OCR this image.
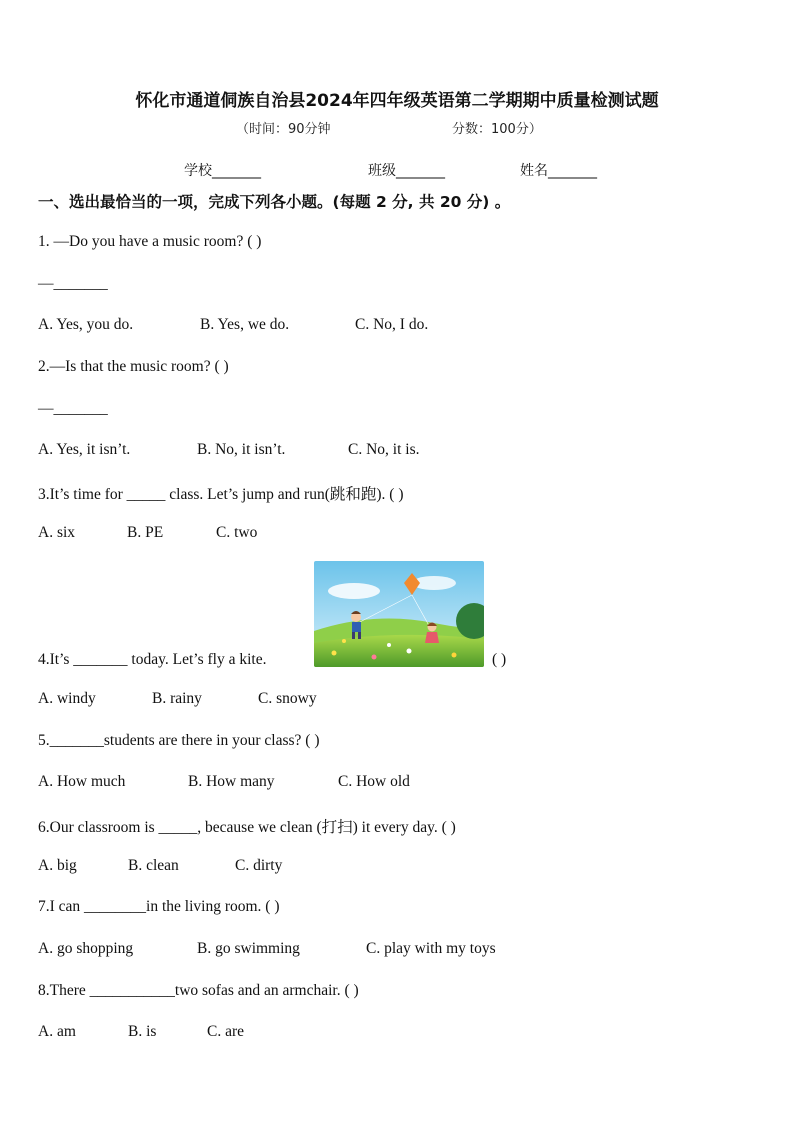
怀化市通道侗族自治县2024年四年级英语第二学期期中质量检测试题
（时间：90分钟	分数：100分）
学校_______	班级_______	姓名_______
一、选出最恰当的一项，完成下列各小题。(每题 2 分, 共 20 分) 。
1. —Do you have a music room? ( )
—_______
A. Yes, you do.	B. Yes, we do.	C. No, I do.
2.—Is that the music room? ( )
—_______
A. Yes, it isn’t.	B. No, it isn’t.	C. No, it is.
3.It’s time for _____ class. Let’s jump and run(跳和跑). ( )
A. six	B. PE	C. two
4.It’s _______ today. Let’s fly a kite.	( )
A. windy	B. rainy	C. snowy
5._______students are there in your class? ( )
A. How much	B. How many	C. How old
6.Our classroom is _____, because we clean (打扫) it every day. ( )
A. big	B. clean	C. dirty
7.I can ________in the living room. ( )
A. go shopping	B. go swimming	C. play with my toys
8.There ___________two sofas and an armchair. ( )
A. am	B. is	C. are
